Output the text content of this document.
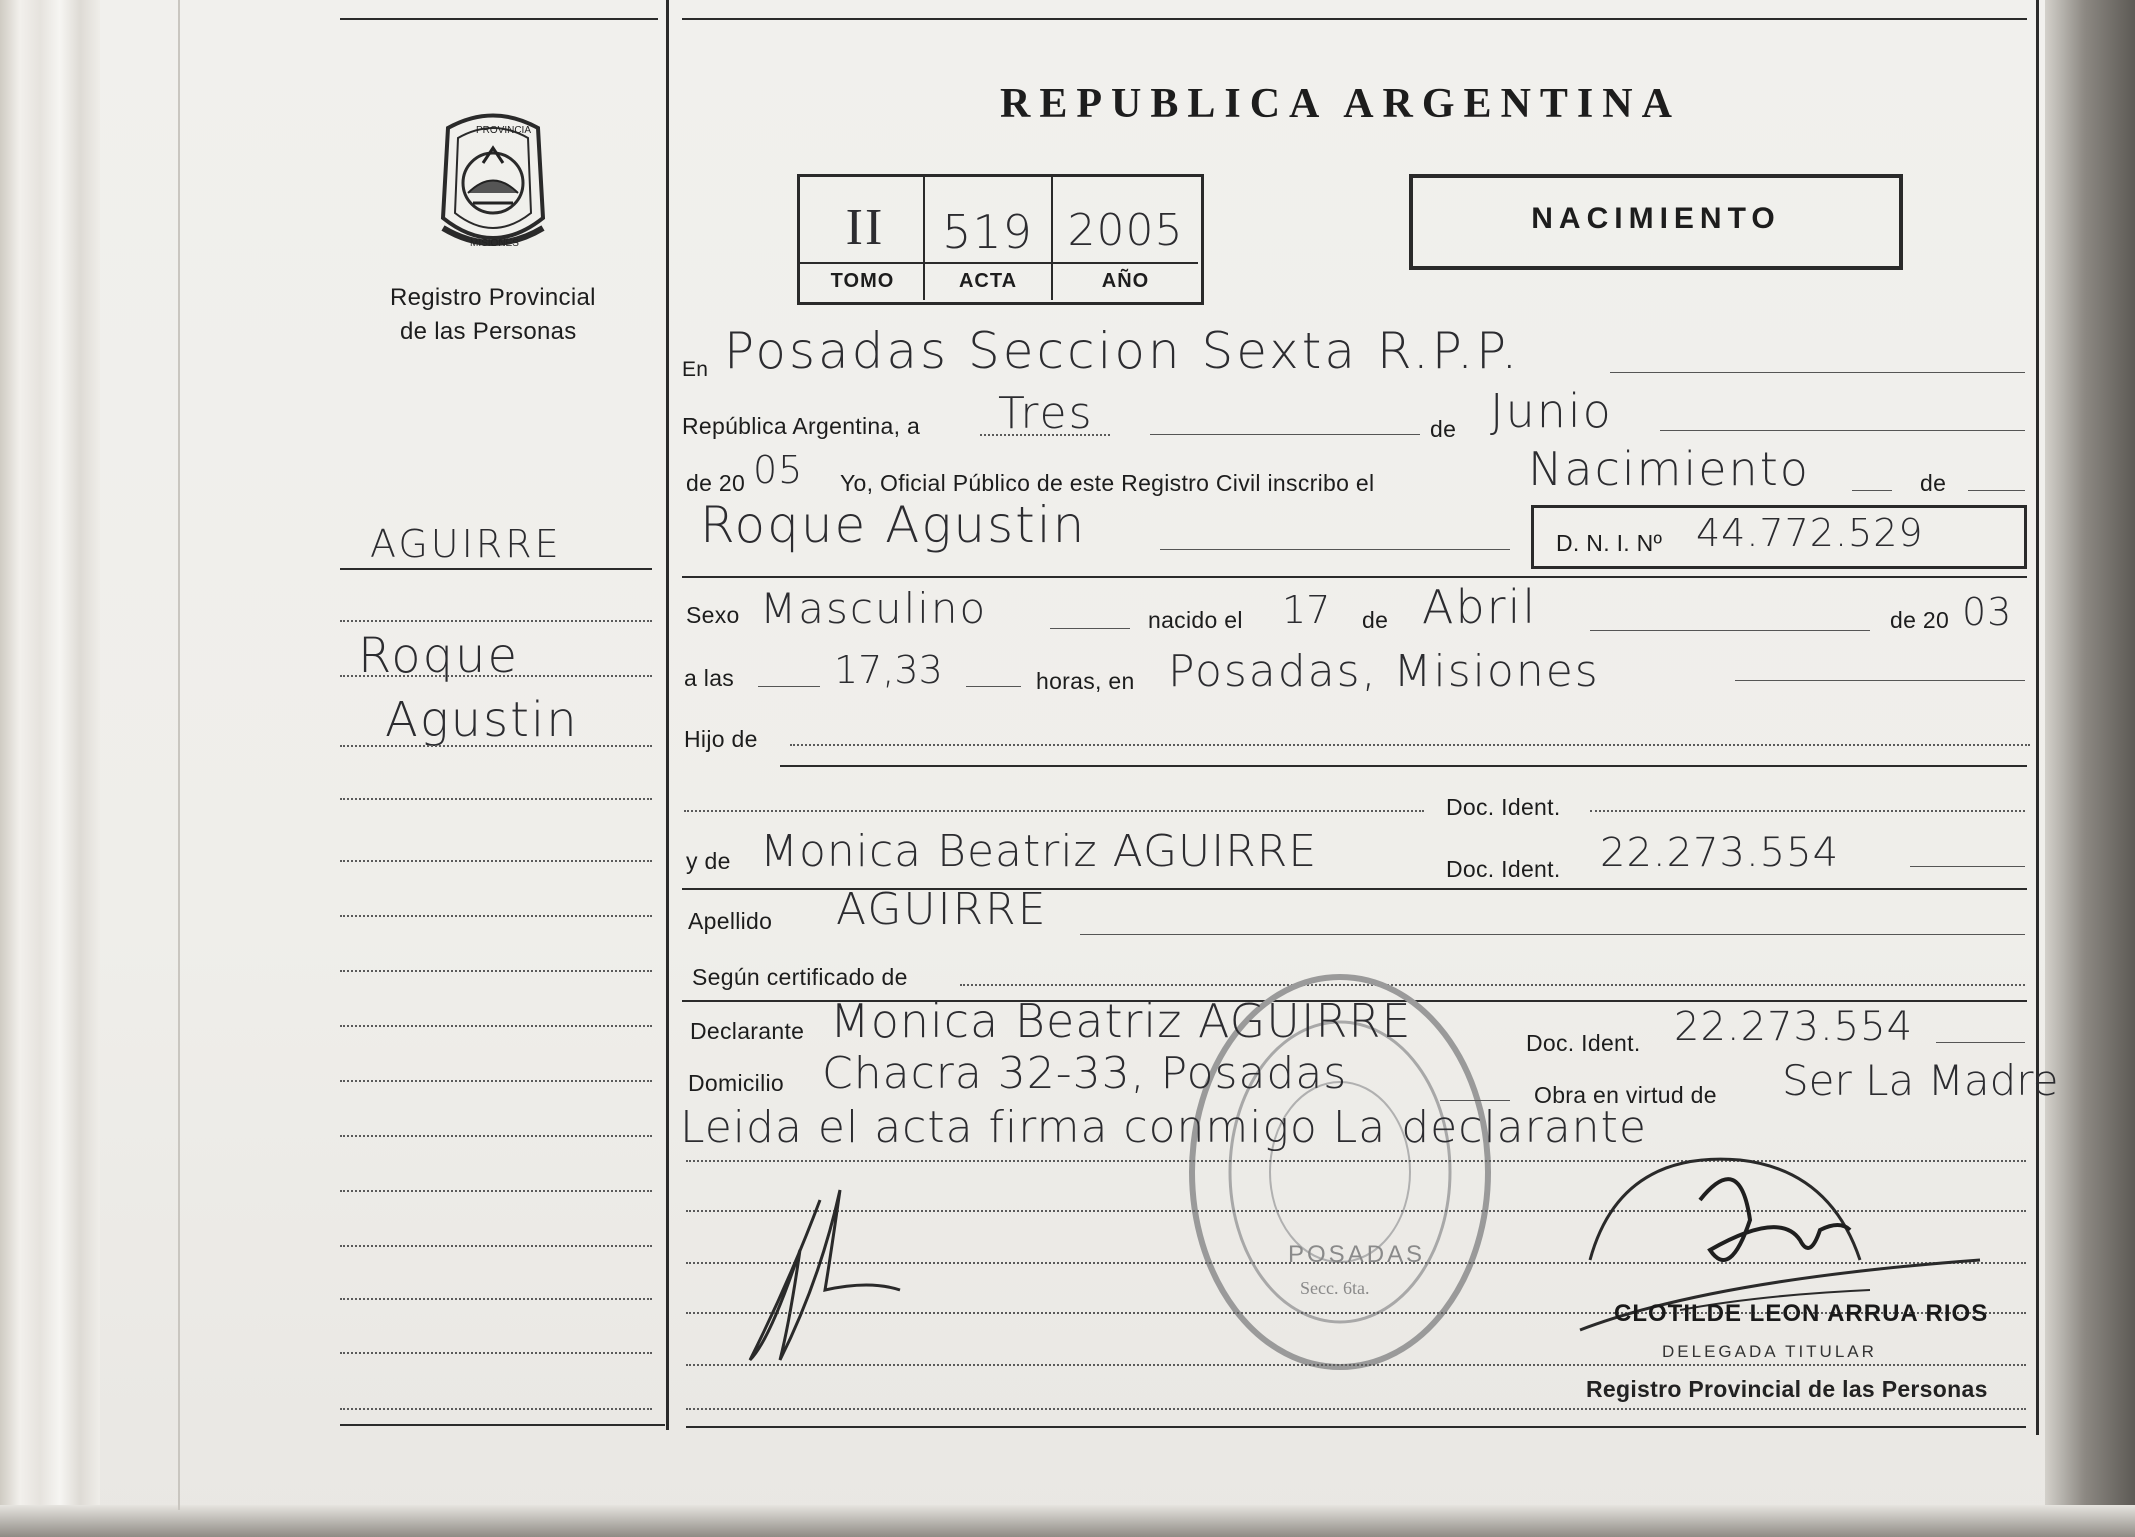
PROVINCIA
MISIONES
Registro Provincial
de las Personas
AGUIRRE
Roque
Agustin
REPUBLICA ARGENTINA
II	519 2005
TOMO	ACTA	AÑO
NACIMIENTO
En Posadas Seccion Sexta R.P.P.
República Argentina, a Tres	de Junio
de 20 05 Yo, Oficial Público de este Registro Civil inscribo el	Nacimiento	de
Roque Agustin	D. N. I. Nº 44.772.529
Sexo Masculino	nacido el 17 de Abril	de 20 03
a las	17,33	horas, en Posadas, Misiones
Hijo de
Doc. Ident.
y de Monica Beatriz AGUIRRE	Doc. Ident. 22.273.554
Apellido AGUIRRE
Según certificado de
POSADAS
Secc. 6ta.
Declarante Monica Beatriz AGUIRRE	Doc. Ident. 22.273.554
Domicilio Chacra 32-33, Posadas	Obra en virtud de Ser La Madre
Leida el acta firma conmigo La declarante
CLOTILDE LEON ARRUA RIOS
DELEGADA TITULAR
Registro Provincial de las Personas
